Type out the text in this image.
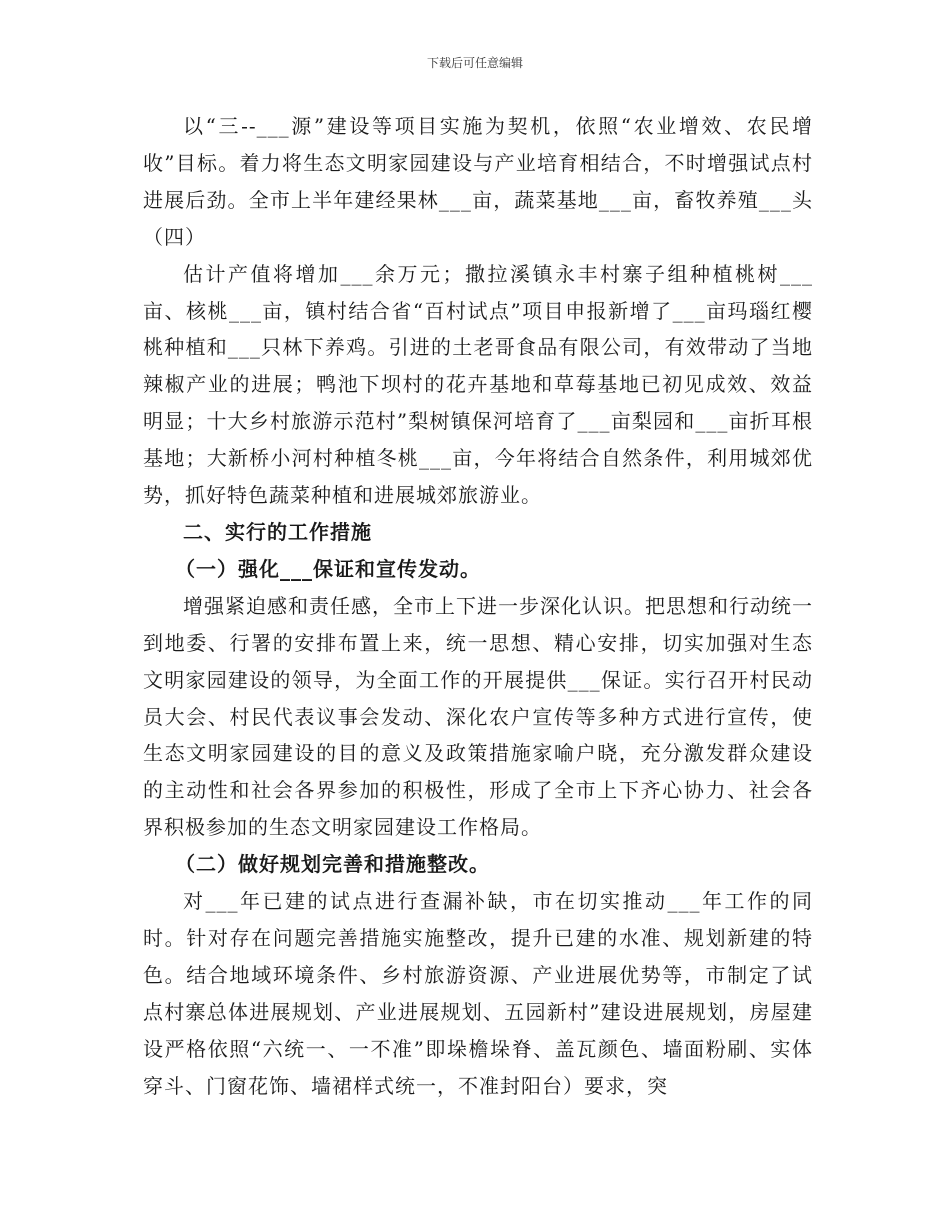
下载后可任意编辑

以“三--___源”建设等项目实施为契机，依照“农业增效、农民增收”目标。着力将生态文明家园建设与产业培育相结合，不时增强试点村进展后劲。全市上半年建经果林___亩，蔬菜基地___亩，畜牧养殖___头（四）

估计产值将增加___余万元；撒拉溪镇永丰村寨子组种植桃树___亩、核桃___亩，镇村结合省“百村试点”项目申报新增了___亩玛瑙红樱桃种植和___只林下养鸡。引进的土老哥食品有限公司，有效带动了当地辣椒产业的进展；鸭池下坝村的花卉基地和草莓基地已初见成效、效益明显；十大乡村旅游示范村”梨树镇保河培育了___亩梨园和___亩折耳根基地；大新桥小河村种植冬桃___亩，今年将结合自然条件，利用城郊优势，抓好特色蔬菜种植和进展城郊旅游业。

二、实行的工作措施

（一）强化___保证和宣传发动。

增强紧迫感和责任感，全市上下进一步深化认识。把思想和行动统一到地委、行署的安排布置上来，统一思想、精心安排，切实加强对生态文明家园建设的领导，为全面工作的开展提供___保证。实行召开村民动员大会、村民代表议事会发动、深化农户宣传等多种方式进行宣传，使生态文明家园建设的目的意义及政策措施家喻户晓，充分激发群众建设的主动性和社会各界参加的积极性，形成了全市上下齐心协力、社会各界积极参加的生态文明家园建设工作格局。

（二）做好规划完善和措施整改。

对___年已建的试点进行查漏补缺，市在切实推动___年工作的同时。针对存在问题完善措施实施整改，提升已建的水准、规划新建的特色。结合地域环境条件、乡村旅游资源、产业进展优势等，市制定了试点村寨总体进展规划、产业进展规划、五园新村”建设进展规划，房屋建设严格依照“六统一、一不准”即垛檐垛脊、盖瓦颜色、墙面粉刷、实体穿斗、门窗花饰、墙裙样式统一，不准封阳台）要求，突
